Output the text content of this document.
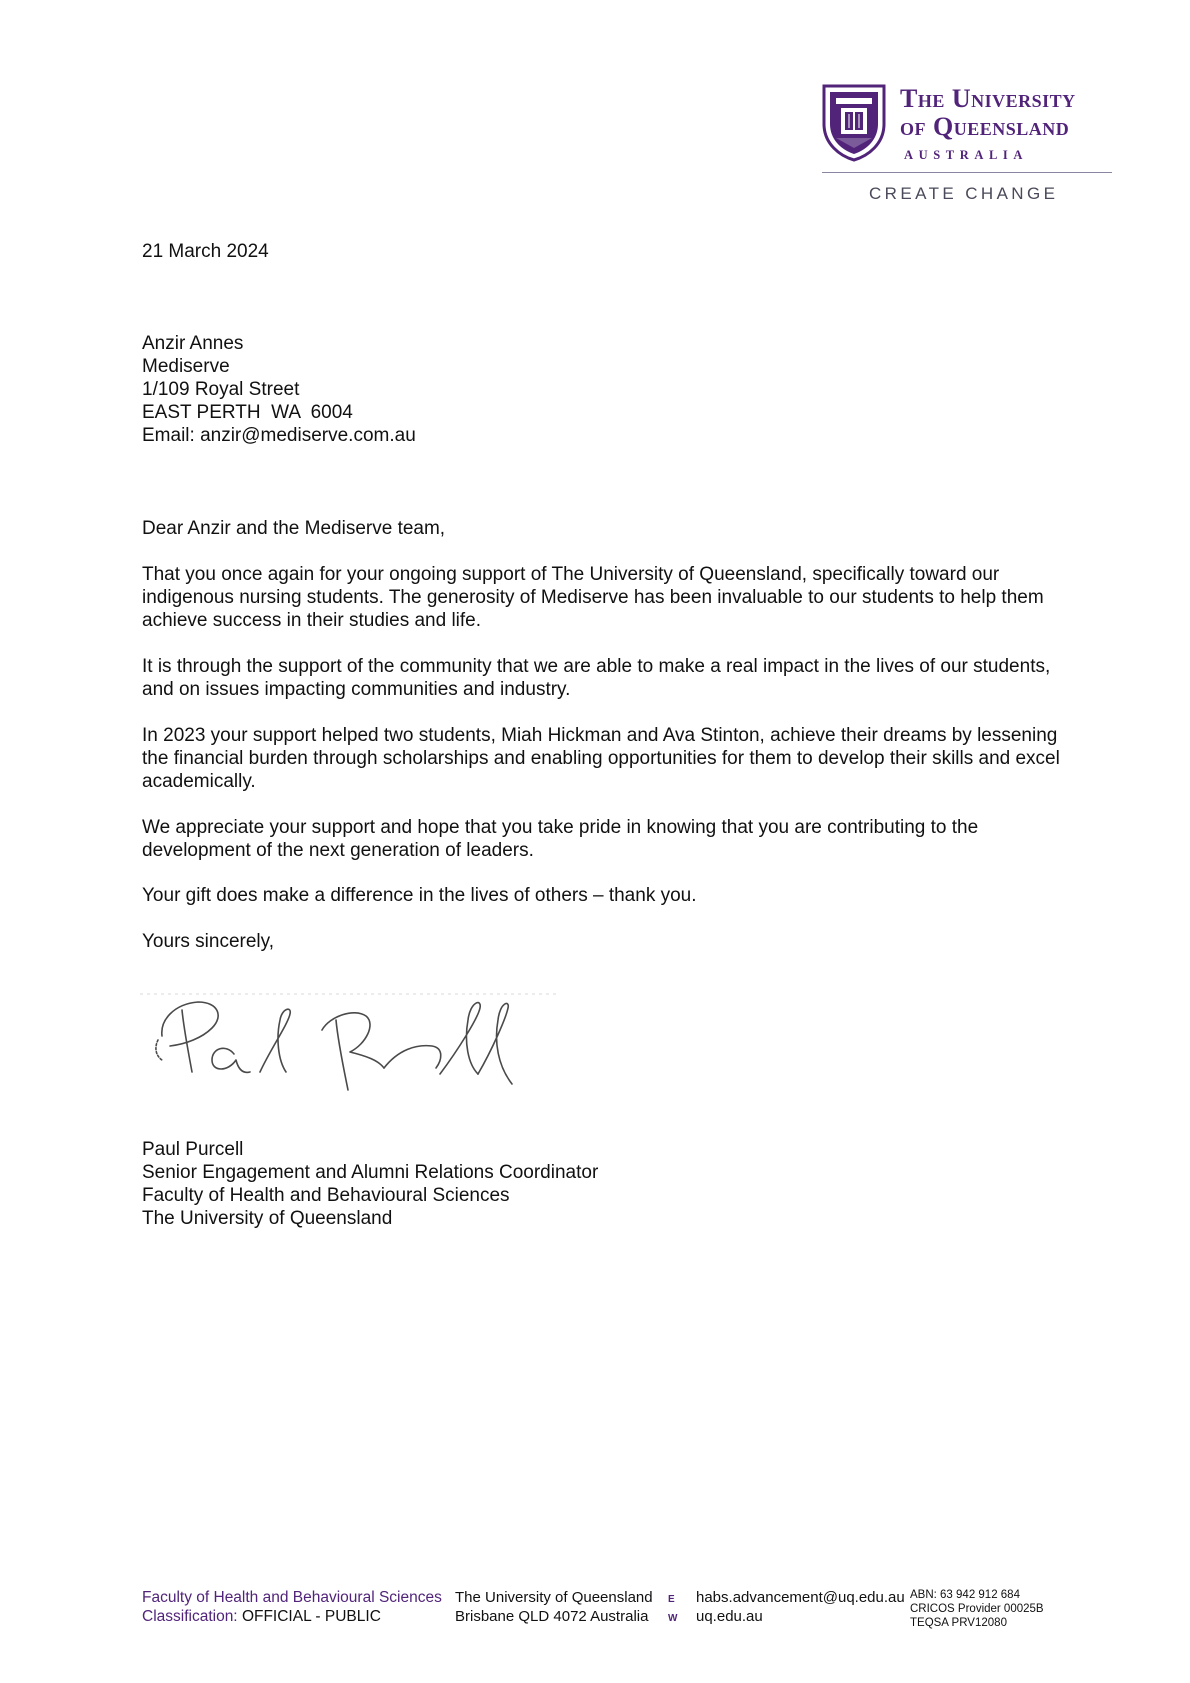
The University
of Queensland
AUSTRALIA
CREATE CHANGE
21 March 2024
Anzir Annes
Mediserve
1/109 Royal Street
EAST PERTH  WA  6004
Email: anzir@mediserve.com.au
Dear Anzir and the Mediserve team,
That you once again for your ongoing support of The University of Queensland, specifically toward our indigenous nursing students. The generosity of Mediserve has been invaluable to our students to help them achieve success in their studies and life.
It is through the support of the community that we are able to make a real impact in the lives of our students, and on issues impacting communities and industry.
In 2023 your support helped two students, Miah Hickman and Ava Stinton, achieve their dreams by lessening the financial burden through scholarships and enabling opportunities for them to develop their skills and excel academically.
We appreciate your support and hope that you take pride in knowing that you are contributing to the development of the next generation of leaders.
Your gift does make a difference in the lives of others – thank you.
Yours sincerely,
Paul Purcell
Senior Engagement and Alumni Relations Coordinator
Faculty of Health and Behavioural Sciences
The University of Queensland
Faculty of Health and Behavioural Sciences
Classification: OFFICIAL - PUBLIC
The University of Queensland
Brisbane QLD 4072 Australia
E
W
habs.advancement@uq.edu.au
uq.edu.au
ABN: 63 942 912 684
CRICOS Provider 00025B
TEQSA PRV12080
